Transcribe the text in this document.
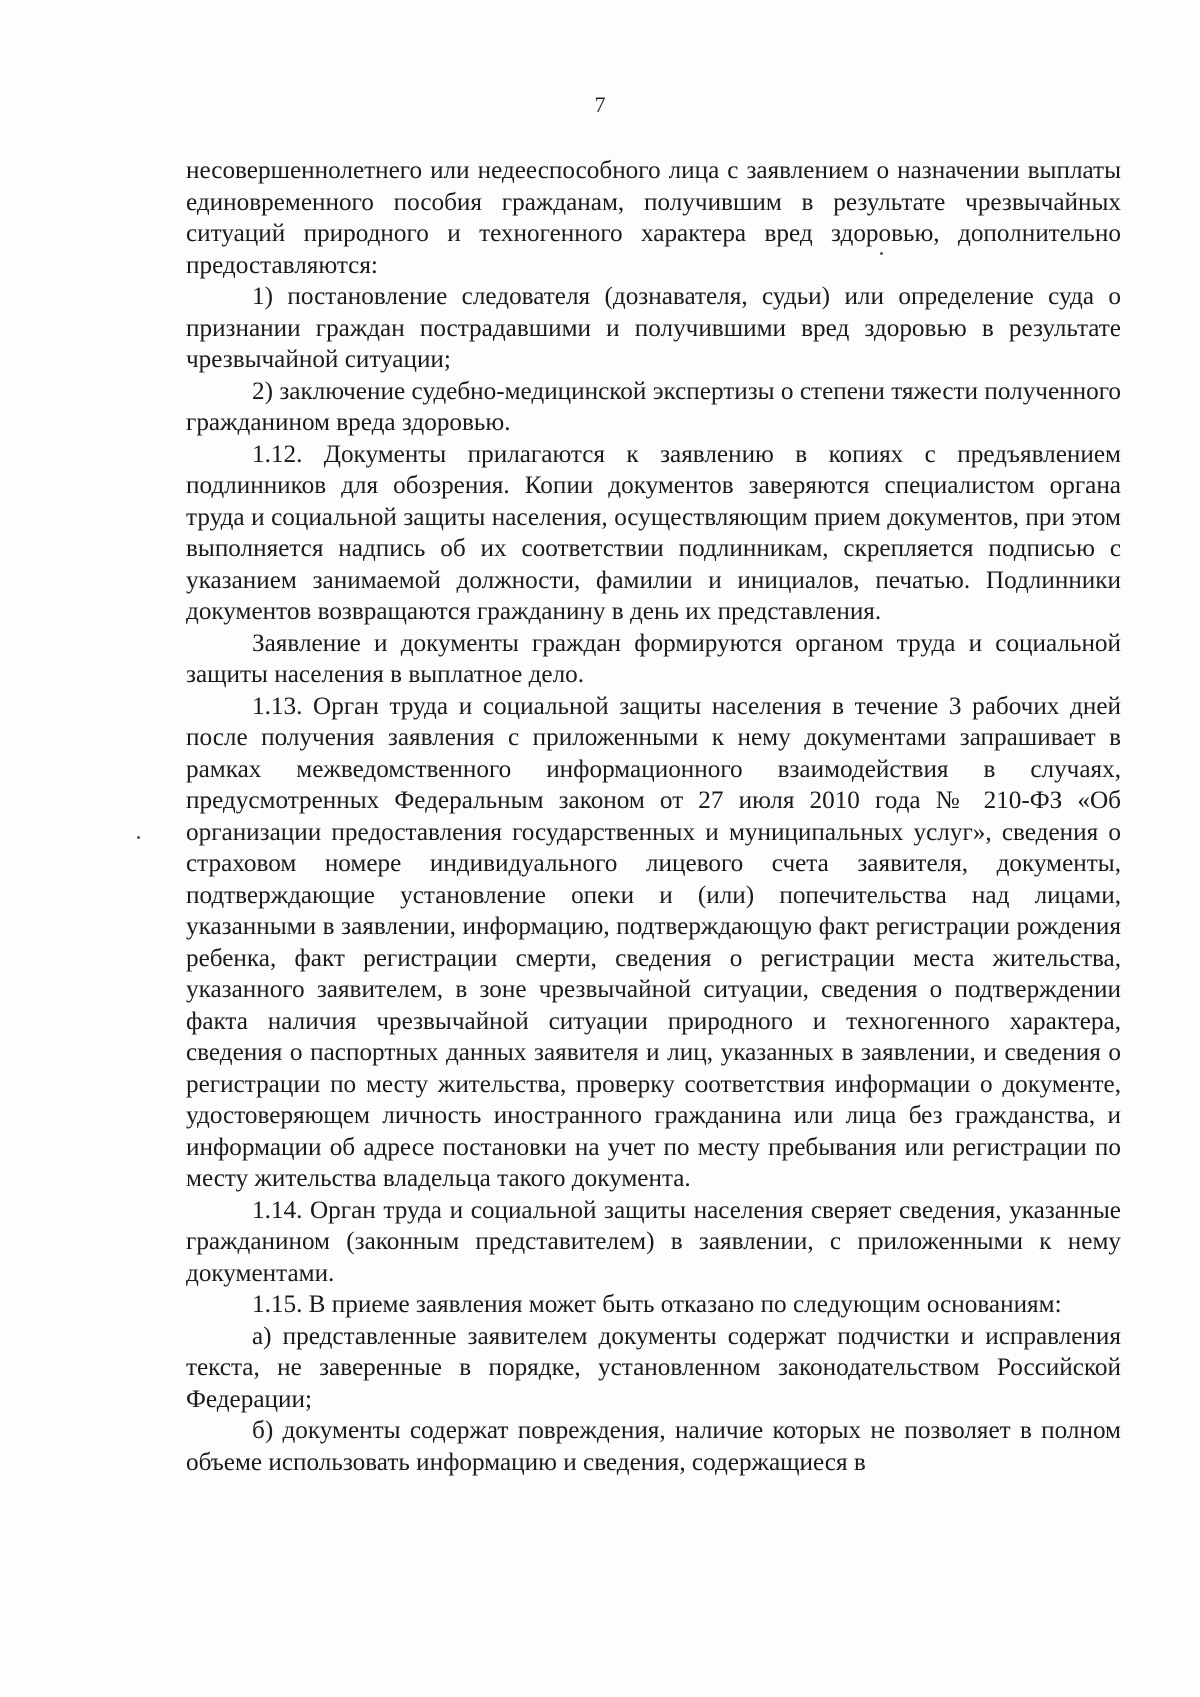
7

несовершеннолетнего или недееспособного лица с заявлением о назначении выплаты единовременного пособия гражданам, получившим в результате чрезвычайных ситуаций природного и техногенного характера вред здоровью, дополнительно предоставляются:

1) постановление следователя (дознавателя, судьи) или определение суда о признании граждан пострадавшими и получившими вред здоровью в результате чрезвычайной ситуации;

2) заключение судебно-медицинской экспертизы о степени тяжести полученного гражданином вреда здоровью.

1.12. Документы прилагаются к заявлению в копиях с предъявлением подлинников для обозрения. Копии документов заверяются специалистом органа труда и социальной защиты населения, осуществляющим прием документов, при этом выполняется надпись об их соответствии подлинникам, скрепляется подписью с указанием занимаемой должности, фамилии и инициалов, печатью. Подлинники документов возвращаются гражданину в день их представления.

Заявление и документы граждан формируются органом труда и социальной защиты населения в выплатное дело.

1.13. Орган труда и социальной защиты населения в течение 3 рабочих дней после получения заявления с приложенными к нему документами запрашивает в рамках межведомственного информационного взаимодействия в случаях, предусмотренных Федеральным законом от 27 июля 2010 года № 210-ФЗ «Об организации предоставления государственных и муниципальных услуг», сведения о страховом номере индивидуального лицевого счета заявителя, документы, подтверждающие установление опеки и (или) попечительства над лицами, указанными в заявлении, информацию, подтверждающую факт регистрации рождения ребенка, факт регистрации смерти, сведения о регистрации места жительства, указанного заявителем, в зоне чрезвычайной ситуации, сведения о подтверждении факта наличия чрезвычайной ситуации природного и техногенного характера, сведения о паспортных данных заявителя и лиц, указанных в заявлении, и сведения о регистрации по месту жительства, проверку соответствия информации о документе, удостоверяющем личность иностранного гражданина или лица без гражданства, и информации об адресе постановки на учет по месту пребывания или регистрации по месту жительства владельца такого документа.

1.14. Орган труда и социальной защиты населения сверяет сведения, указанные гражданином (законным представителем) в заявлении, с приложенными к нему документами.

1.15. В приеме заявления может быть отказано по следующим основаниям:

а) представленные заявителем документы содержат подчистки и исправления текста, не заверенные в порядке, установленном законодательством Российской Федерации;

б) документы содержат повреждения, наличие которых не позволяет в полном объеме использовать информацию и сведения, содержащиеся в
